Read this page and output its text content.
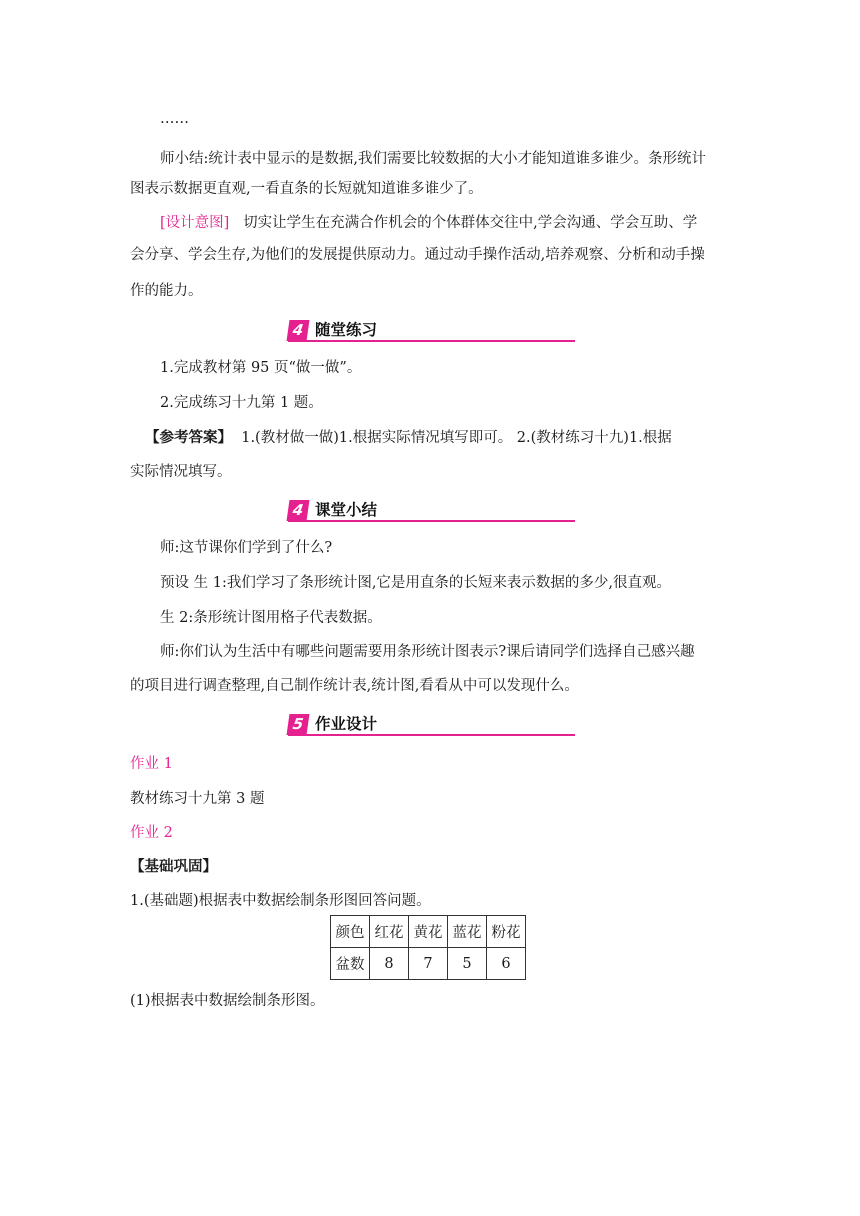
……
师小结:统计表中显示的是数据,我们需要比较数据的大小才能知道谁多谁少。条形统计
图表示数据更直观,一看直条的长短就知道谁多谁少了。
[设计意图] 切实让学生在充满合作机会的个体群体交往中,学会沟通、学会互助、学
会分享、学会生存,为他们的发展提供原动力。通过动手操作活动,培养观察、分析和动手操
作的能力。
4 随堂练习
1.完成教材第 95 页“做一做”。
2.完成练习十九第 1 题。
【参考答案】 1.(教材做一做)1.根据实际情况填写即可。 2.(教材练习十九)1.根据
实际情况填写。
4 课堂小结
师:这节课你们学到了什么?
预设 生 1:我们学习了条形统计图,它是用直条的长短来表示数据的多少,很直观。
生 2:条形统计图用格子代表数据。
师:你们认为生活中有哪些问题需要用条形统计图表示?课后请同学们选择自己感兴趣
的项目进行调查整理,自己制作统计表,统计图,看看从中可以发现什么。
5 作业设计
作业 1
教材练习十九第 3 题
作业 2
【基础巩固】
1.(基础题)根据表中数据绘制条形图回答问题。
颜色	红花	黄花	蓝花	粉花
盆数	8	7	5	6
(1)根据表中数据绘制条形图。
